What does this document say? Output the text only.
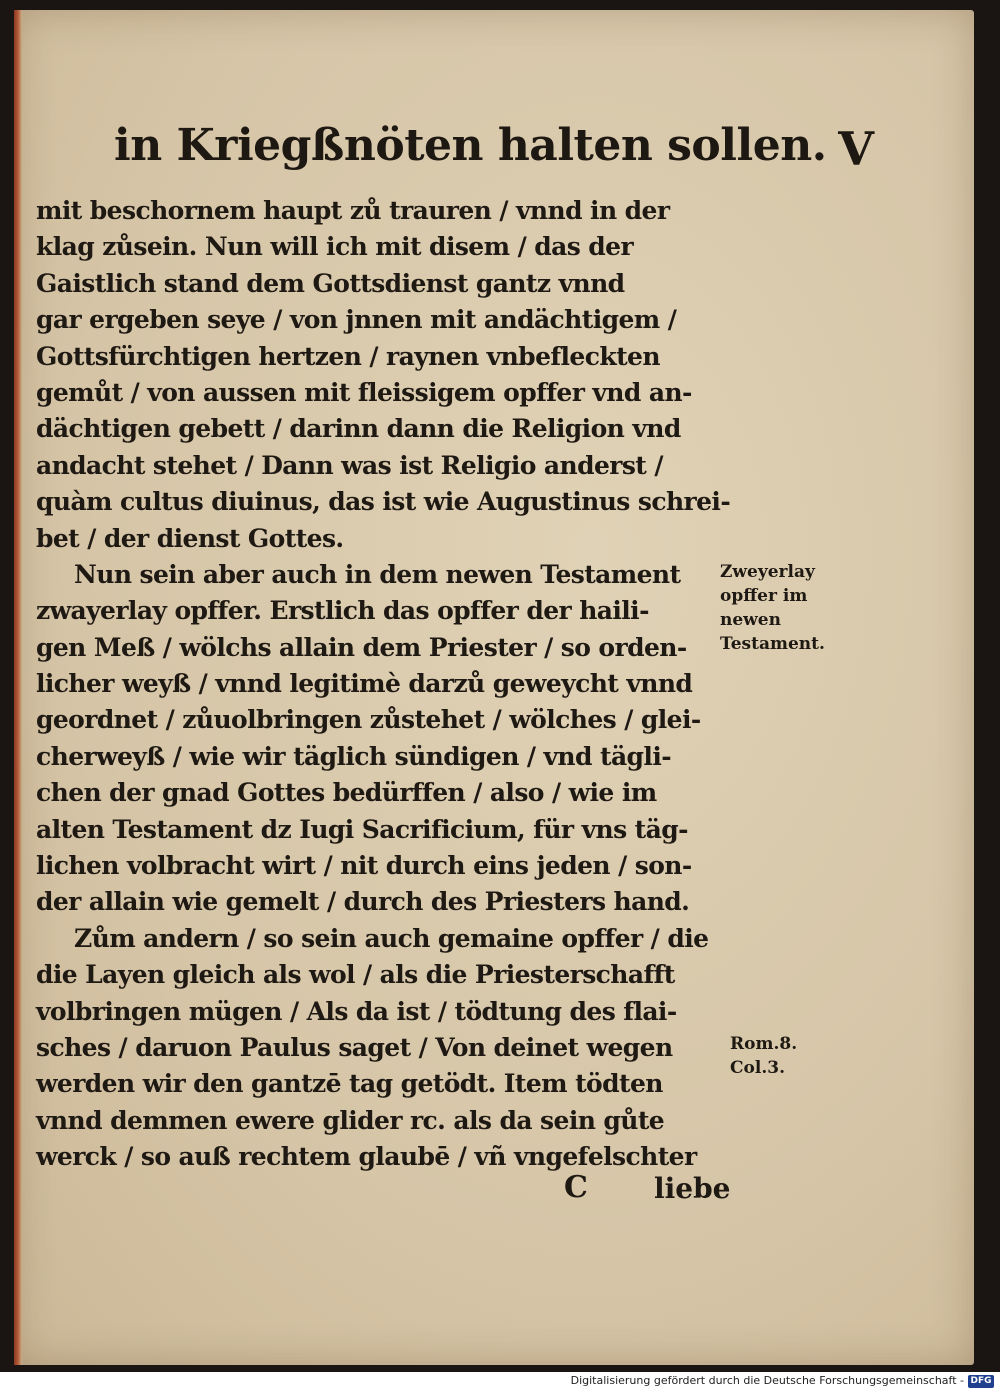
in Kriegßnöten halten sollen. V
mit beschornem haupt zů trauren / vnnd in der
klag zůsein. Nun will ich mit disem / das der
Gaistlich stand dem Gottsdienst gantz vnnd
gar ergeben seye / von jnnen mit andächtigem /
Gottsfürchtigen hertzen / raynen vnbefleckten
gemůt / von aussen mit fleissigem opffer vnd an-
dächtigen gebett / darinn dann die Religion vnd
andacht stehet / Dann was ist Religio anderst /
quàm cultus diuinus, das ist wie Augustinus schrei-
bet / der dienst Gottes.
Nun sein aber auch in dem newen Testament
zwayerlay opffer. Erstlich das opffer der haili-
gen Meß / wölchs allain dem Priester / so orden-
licher weyß / vnnd legitimè darzů geweycht vnnd
geordnet / zůuolbringen zůstehet / wölches / glei-
cherweyß / wie wir täglich sündigen / vnd tägli-
chen der gnad Gottes bedürffen / also / wie im
alten Testament dz Iugi Sacrificium, für vns täg-
lichen volbracht wirt / nit durch eins jeden / son-
der allain wie gemelt / durch des Priesters hand.
Zům andern / so sein auch gemaine opffer / die
die Layen gleich als wol / als die Priesterschafft
volbringen mügen / Als da ist / tödtung des flai-
sches / daruon Paulus saget / Von deinet wegen
werden wir den gantzē tag getödt. Item tödten
vnnd demmen ewere glider rc. als da sein gůte
werck / so auß rechtem glaubē / vñ vngefelschter
Zweyerlay opffer im newen Testament.
Rom.8. Col.3.
C liebe
Digitalisierung gefördert durch die Deutsche Forschungsgemeinschaft - DFG
